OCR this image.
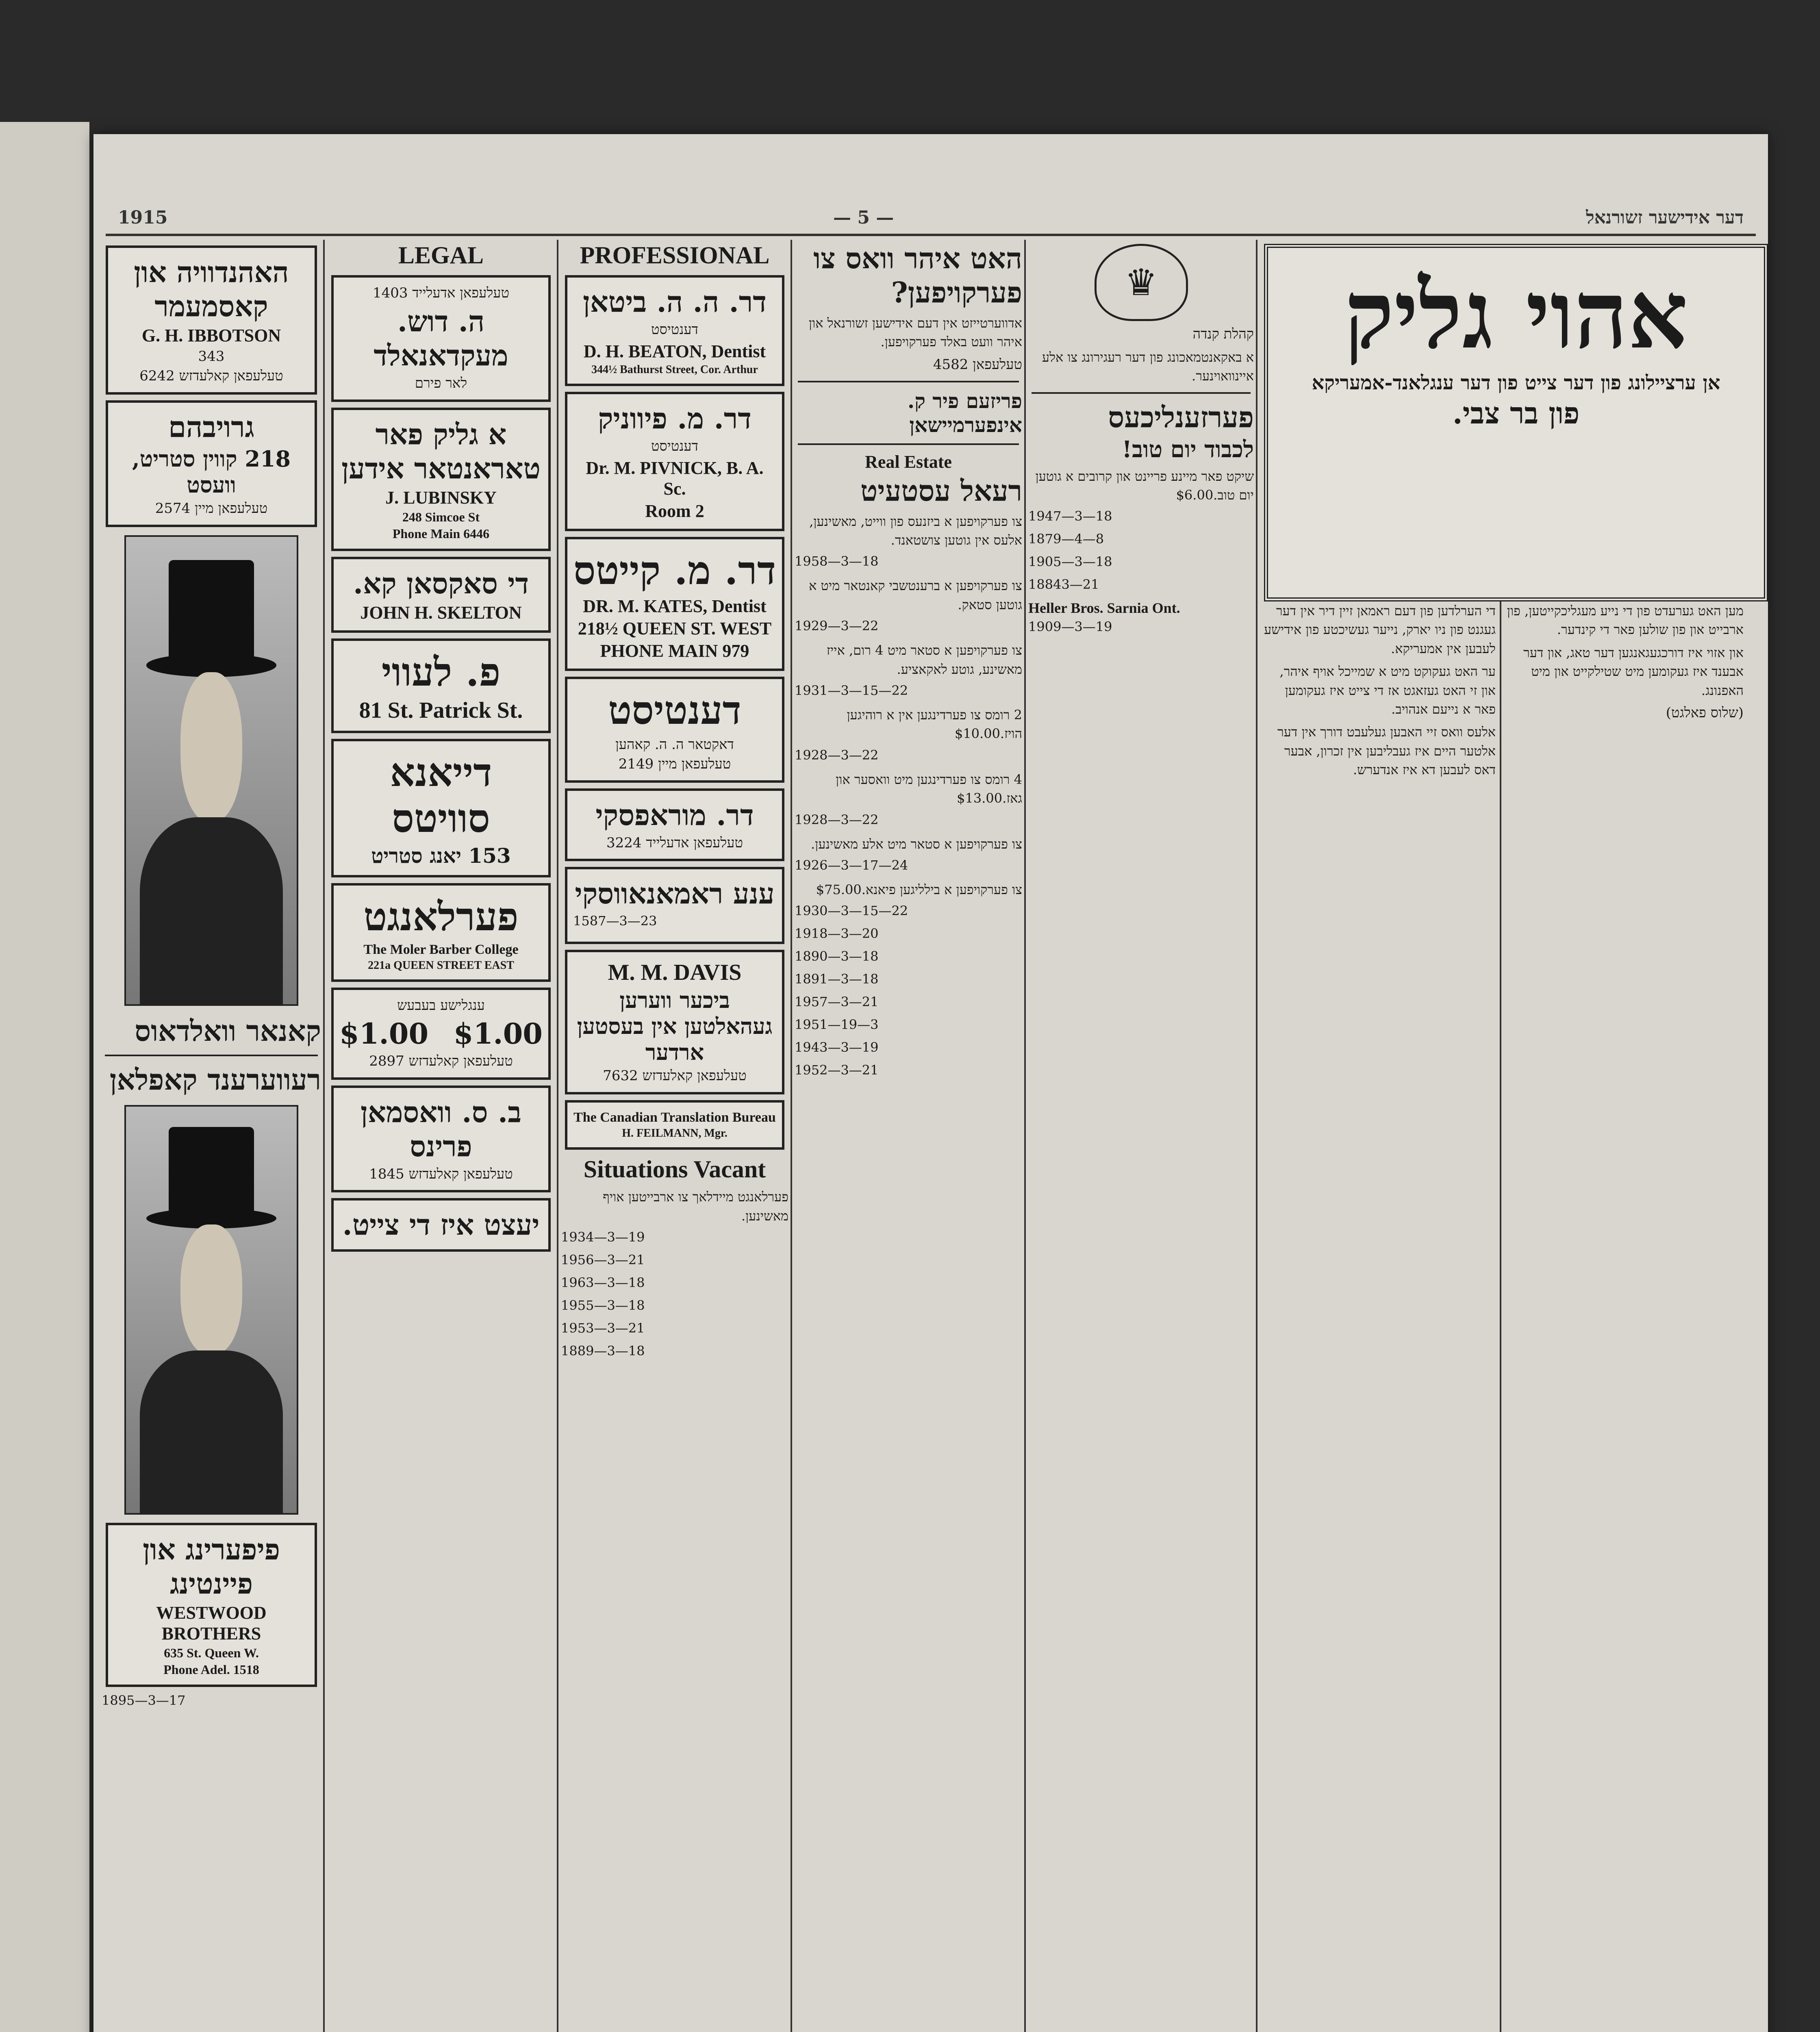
דער אידישער זשורנאל
— 5 —
1915
האהנדוויה און קאסמעמר
G. H. IBBOTSON
343
טעלעפאן קאלעדזש 6242
גרויבהם
218 קווין סטריט, וועסט
טעלעפאן מיין 2574
קאנאר וואלדאוס
רעווערענד קאפלאן
פיפערינג און פיינטינג
WESTWOOD BROTHERS
635 St. Queen W.
Phone Adel. 1518
1895—3—17
LEGAL
טעלעפאן אדעלייד 1403
ה. דוש. מעקדאנאלד
לאר פירם
א גליק פאר טאראנטאר אידען
J. LUBINSKY
248 Simcoe St
Phone Main 6446
די סאקסאן קא.
JOHN H. SKELTON
פ. לעווי
81 St. Patrick St.
דייאנא סוויטס
153 יאנג סטריט
פערלאנגט
The Moler Barber College
221a QUEEN STREET EAST
ענגלישע בעבעש
$1.00 $1.00
טעלעפאן קאלעדזש 2897
ב. ס. וואסמאן פרינס
טעלעפאן קאלעדזש 1845
יעצט איז די צייט.
PROFESSIONAL
דר. ה. ה. ביטאן
דענטיסט
D. H. BEATON, Dentist
344½ Bathurst Street, Cor. Arthur
דר. מ. פיווניק
דענטיסט
Dr. M. PIVNICK, B. A. Sc.
Room 2
דר. מ. קייטס
DR. M. KATES, Dentist
218½ QUEEN ST. WEST
PHONE MAIN 979
דענטיסט
דאקטאר ה. ה. קאהען
טעלעפאן מיין 2149
דר. מוראפסקי
טעלעפאן אדעלייד 3224
ענע ראמאנאווסקי
1587—3—23
M. M. DAVIS
ביכער ווערען געהאלטען אין בעסטען ארדער
טעלעפאן קאלעדזש 7632
The Canadian Translation Bureau
H. FEILMANN, Mgr.
Situations Vacant
פערלאנגט מיידלאך צו ארבייטען אויף מאשינען.
1934—3—19
1956—3—21
1963—3—18
1955—3—18
1953—3—21
1889—3—18
האט איהר וואס צו פערקויפען?
אדווערטייזט אין דעם אידישען זשורנאל און איהר וועט באלד פערקויפען.
טעלעפאן 4582
פריזעם פיר ק. אינפערמיישאן
Real Estate
רעאל עסטעיט
צו פערקויפען א ביזנעס פון ווייט, מאשינען, אלעס אין גוטען צושטאנד.
1958—3—18
צו פערקויפען א ברענטשבי קאנטאר מיט א גוטען סטאק.
1929—3—22
צו פערקויפען א סטאר מיט 4 רום, אייז מאשינע, גוטע לאקאציע.
1931—3—15—22
2 רומס צו פערדינגען אין א רוהיגען הויז.$10.00
1928—3—22
4 רומס צו פערדינגען מיט וואסער און גאז.$13.00
1928—3—22
צו פערקויפען א סטאר מיט אלע מאשינען.
1926—3—17—24
צו פערקויפען א בילליגען פיאנא.$75.00
1930—3—15—22
1918—3—20
1890—3—18
1891—3—18
1957—3—21
1951—19—3
1943—3—19
1952—3—21
♛
קהלת קנדה
א באקאנטמאכונג פון דער רעגירונג צו אלע איינוואוינער.
פערזענליכעס
לכבוד יום טוב!
שיקט פאר מיינע פריינט און קרובים א גוטען יום טוב.$6.00
1947—3—18
1879—4—8
1905—3—18
18843—21
Heller Bros. Sarnia Ont.
1909—3—19
אהוי גליק
אן ערציילונג פון דער צייט פון דער ענגלאנד-אמעריקא
פון בר צבי.
די הערלדען פון דעם ראמאן זיין דיר אין דער געגנט פון ניו יארק, נייער געשיכטע פון אידישע לעבען אין אמעריקא.
ער האט געקוקט מיט א שמייכל אויף איהר, און זי האט געזאגט אז די צייט איז געקומען פאר א נייעם אנהויב.
אלעס וואס זיי האבען געלעבט דורך אין דער אלטער היים איז געבליבען אין זכרון, אבער דאס לעבען דא איז אנדערש.
מען האט גערעדט פון די נייע מעגליכקייטען, פון ארבייט און פון שולען פאר די קינדער.
און אזוי איז דורכגעגאנגען דער טאג, און דער אבענד איז געקומען מיט שטילקייט און מיט האפנונג.
(שלוס פאלגט)
